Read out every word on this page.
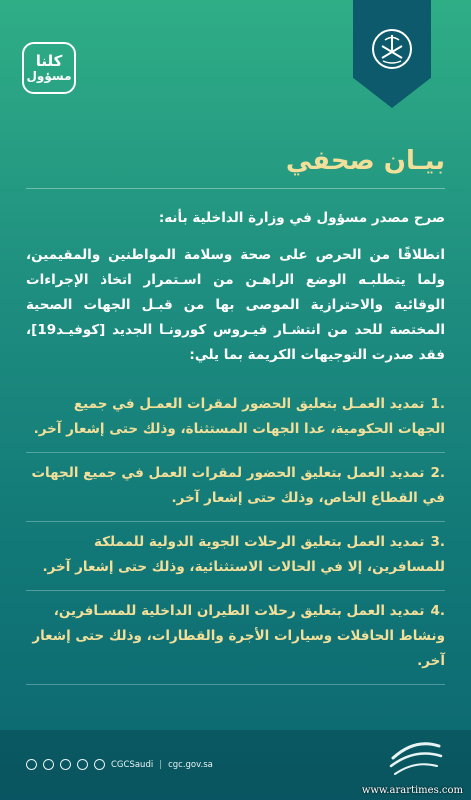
كلنا
مسؤول
بيـان صحفي

صرح مصدر مسؤول في وزارة الداخلية بأنه:

انطلاقًا من الحرص على صحة وسلامة المواطنين والمقيمين، ولما يتطلبـه الوضع الراهـن من اسـتمرار اتخاذ الإجراءات الوقائية والاحترازية الموصى بها من قبـل الجهات الصحية المختصة للحد من انتشـار فيـروس كورونـا الجديد [كوفيـد19]، فقد صدرت التوجيهات الكريمة بما يلي:

.1تمديد العمـل بتعليق الحضور لمقرات العمـل في جميع الجهات الحكومية، عدا الجهات المستثناة، وذلك حتى إشعار آخر.
.2تمديد العمل بتعليق الحضور لمقرات العمل في جميع الجهات في القطاع الخاص، وذلك حتى إشعار آخر.
.3تمديد العمل بتعليق الرحلات الجوية الدولية للمملكة للمسافرين، إلا في الحالات الاستثنائية، وذلك حتى إشعار آخر.
.4تمديد العمل بتعليق رحلات الطيران الداخلية للمسـافرين، ونشاط الحافلات وسيارات الأجرة والقطارات، وذلك حتى إشعار آخر.
CGCSaudi | cgc.gov.sa
www.arartimes.com
